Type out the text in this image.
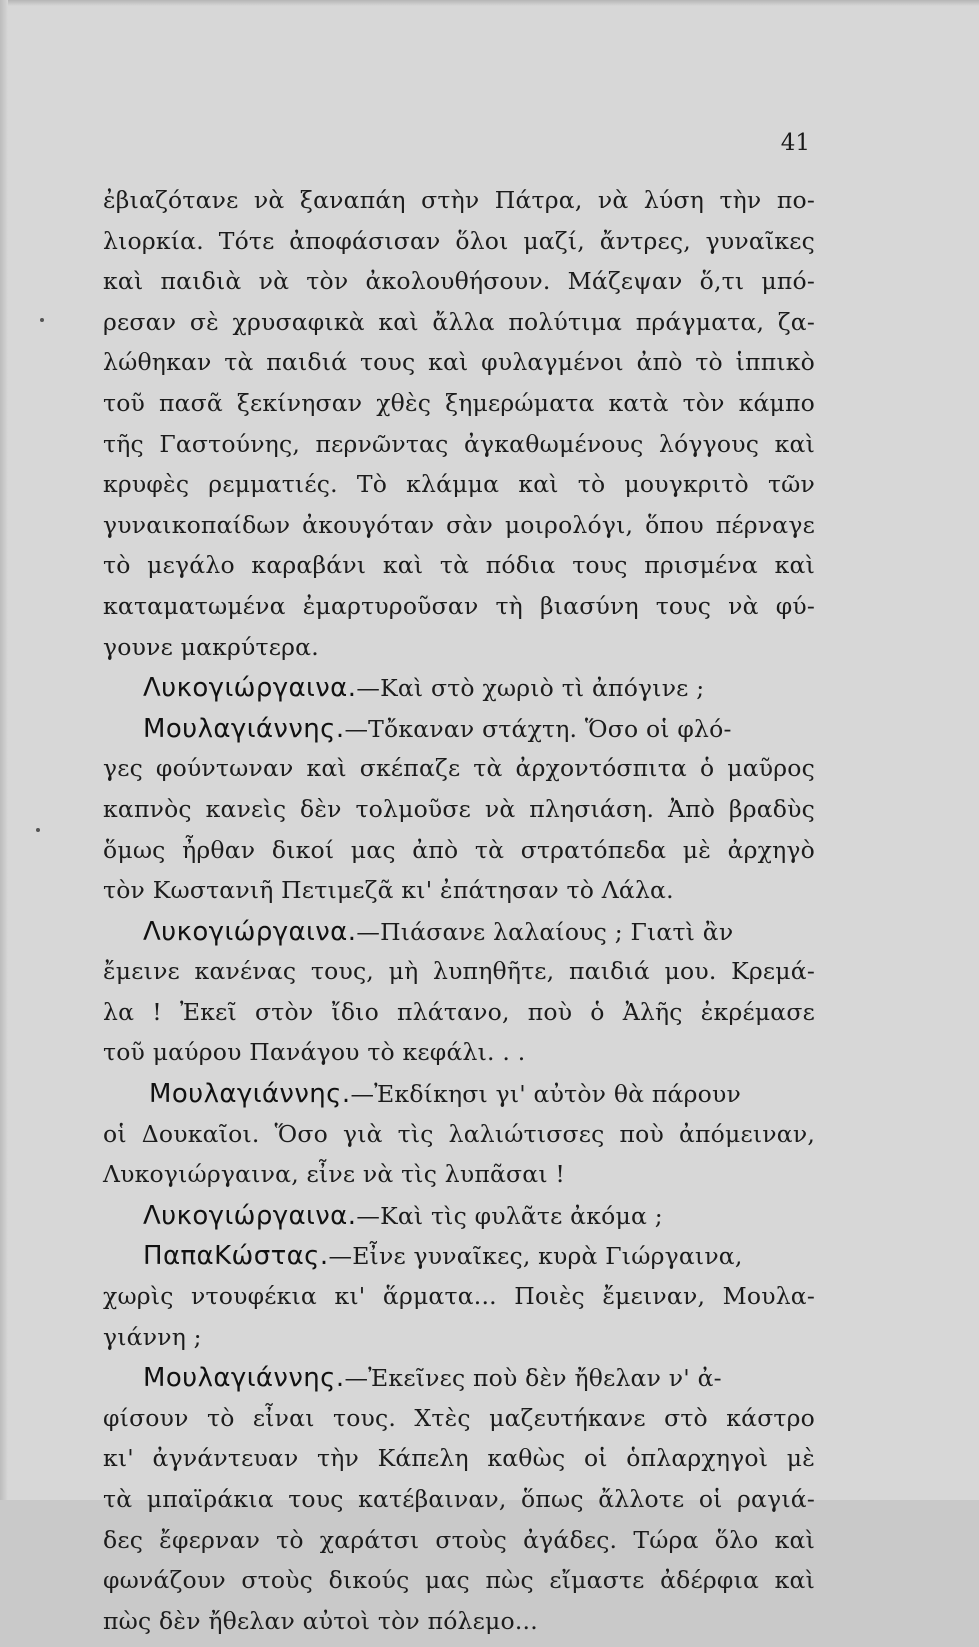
41
ἐβιαζότανε νὰ ξαναπάη στὴν Πάτρα, νὰ λύση τὴν πο-
λιορκία. Τότε ἀποφάσισαν ὅλοι μαζί, ἄντρες, γυναῖκες
καὶ παιδιὰ νὰ τὸν ἀκολουθήσουν. Μάζεψαν ὅ,τι μπό-
ρεσαν σὲ χρυσαφικὰ καὶ ἄλλα πολύτιμα πράγματα, ζα-
λώθηκαν τὰ παιδιά τους καὶ φυλαγμένοι ἀπὸ τὸ ἱππικὸ
τοῦ πασᾶ ξεκίνησαν χθὲς ξημερώματα κατὰ τὸν κάμπο
τῆς Γαστούνης, περνῶντας ἀγκαθωμένους λόγγους καὶ
κρυφὲς ρεμματιές. Τὸ κλάμμα καὶ τὸ μουγκριτὸ τῶν
γυναικοπαίδων ἀκουγόταν σὰν μοιρολόγι, ὅπου πέρναγε
τὸ μεγάλο καραβάνι καὶ τὰ πόδια τους πρισμένα καὶ
καταματωμένα ἐμαρτυροῦσαν τὴ βιασύνη τους νὰ φύ-
γουνε μακρύτερα.
Λυκογιώργαινα.—Καὶ στὸ χωριὸ τὶ ἀπόγινε ;
Μουλαγιάννης.—Τὄκαναν στάχτη. Ὅσο οἱ φλό-
γες φούντωναν καὶ σκέπαζε τὰ ἀρχοντόσπιτα ὁ μαῦρος
καπνὸς κανεὶς δὲν τολμοῦσε νὰ πλησιάση. Ἀπὸ βραδὺς
ὅμως ἦρθαν δικοί μας ἀπὸ τὰ στρατόπεδα μὲ ἀρχηγὸ
τὸν Κωστανιῆ Πετιμεζᾶ κι' ἐπάτησαν τὸ Λάλα.
Λυκογιώργαινα.—Πιάσανε λαλαίους ; Γιατὶ ἂν
ἔμεινε κανένας τους, μὴ λυπηθῆτε, παιδιά μου. Κρεμά-
λα ! Ἐκεῖ στὸν ἴδιο πλάτανο, ποὺ ὁ Ἀλῆς ἐκρέμασε
τοῦ μαύρου Πανάγου τὸ κεφάλι. . .
Μουλαγιάννης.—Ἐκδίκησι γι' αὐτὸν θὰ πάρουν
οἱ Δουκαῖοι. Ὅσο γιὰ τὶς λαλιώτισσες ποὺ ἀπόμειναν,
Λυκογιώργαινα, εἶνε νὰ τὶς λυπᾶσαι !
Λυκογιώργαινα.—Καὶ τὶς φυλᾶτε ἀκόμα ;
ΠαπαΚώστας.—Εἶνε γυναῖκες, κυρὰ Γιώργαινα,
χωρὶς ντουφέκια κι' ἅρματα... Ποιὲς ἔμειναν, Μουλα-
γιάννη ;
Μουλαγιάννης.—Ἐκεῖνες ποὺ δὲν ἤθελαν ν' ἀ-
φίσουν τὸ εἶναι τους. Χτὲς μαζευτήκανε στὸ κάστρο
κι' ἀγνάντευαν τὴν Κάπελη καθὼς οἱ ὁπλαρχηγοὶ μὲ
τὰ μπαϊράκια τους κατέβαιναν, ὅπως ἄλλοτε οἱ ραγιά-
δες ἔφερναν τὸ χαράτσι στοὺς ἀγάδες. Τώρα ὅλο καὶ
φωνάζουν στοὺς δικούς μας πὼς εἴμαστε ἀδέρφια καὶ
πὼς δὲν ἤθελαν αὐτοὶ τὸν πόλεμο...
